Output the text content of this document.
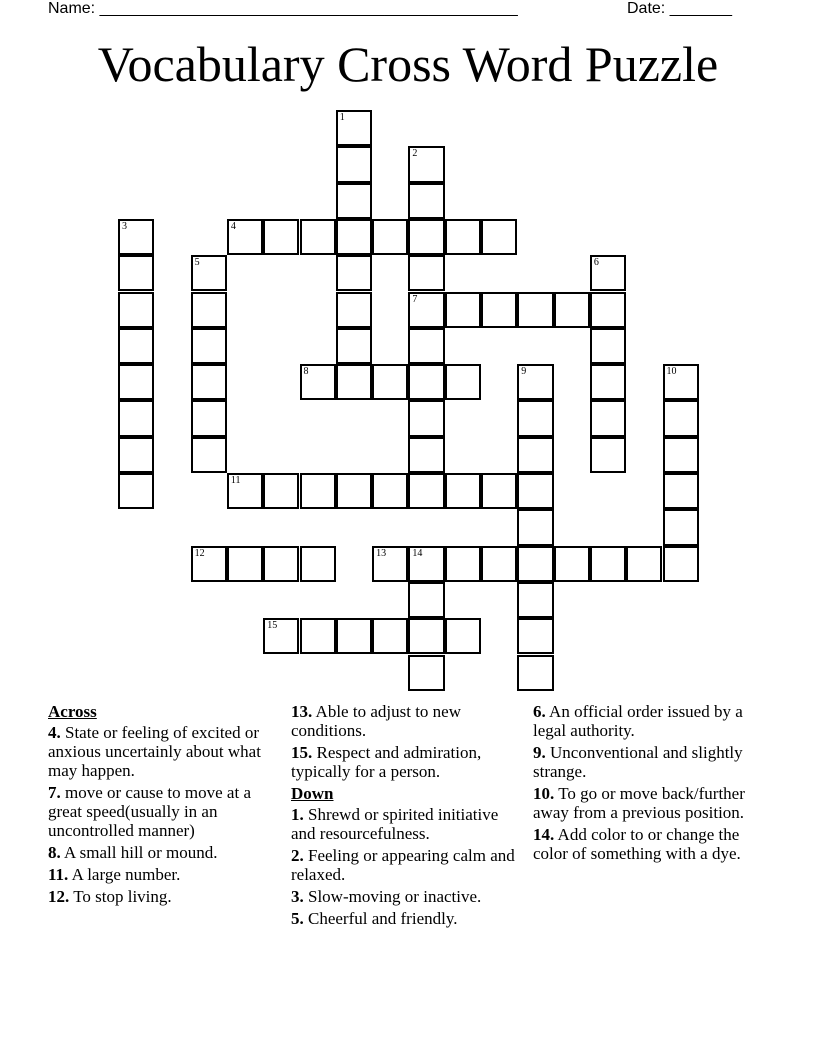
Name: _______________________________________________	Date: _______
Vocabulary Cross Word Puzzle
1
2
7
3	4
5	6
8	9	10
11
12	13	14
15
Across
4. State or feeling of excited or anxious uncertainly about what may happen.
7. move or cause to move at a great speed(usually in an uncontrolled manner)
8. A small hill or mound.
11. A large number.
12. To stop living.
13. Able to adjust to new conditions.
15. Respect and admiration, typically for a person.
Down
1. Shrewd or spirited initiative and resourcefulness.
2. Feeling or appearing calm and relaxed.
3. Slow-moving or inactive.
5. Cheerful and friendly.
6. An official order issued by a legal authority.
9. Unconventional and slightly strange.
10. To go or move back/further away from a previous position.
14. Add color to or change the color of something with a dye.
